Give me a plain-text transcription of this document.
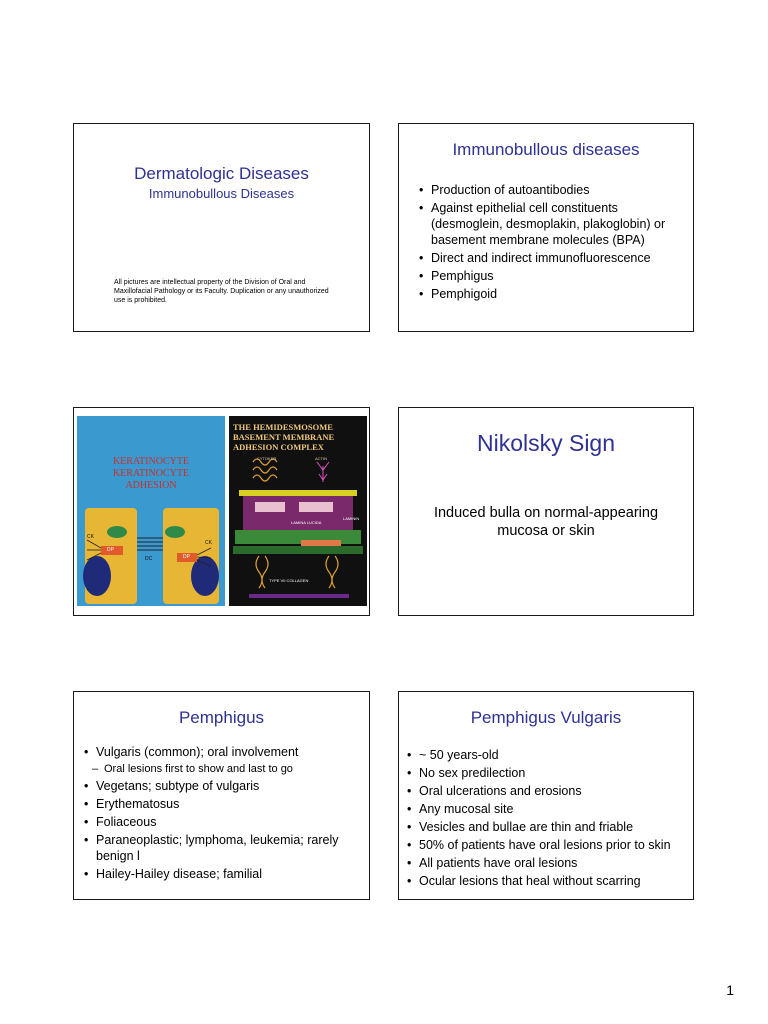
Dermatologic Diseases
Immunobullous Diseases
All pictures are intellectual property of the Division of Oral and Maxillofacial Pathology or its Faculty. Duplication or any unauthorized use is prohibited.
Immunobullous diseases
• Production of autoantibodies
• Against epithelial cell constituents (desmoglein, desmoplakin, plakoglobin) or basement membrane molecules (BPA)
• Direct and indirect immunofluorescence
• Pemphigus
• Pemphigoid
KERATINOCYTE KERATINOCYTE ADHESION
CK
DP
DC
CK
DP
THE HEMIDESMOSOME BASEMENT MEMBRANE ADHESION COMPLEX
CYTOKER	ACTIN
LAMINA LUCIDA
LAMININ
TYPE VII COLLAGEN
Nikolsky Sign
Induced bulla on normal-appearing mucosa or skin
Pemphigus
• Vulgaris (common); oral involvement
– Oral lesions first to show and last to go
• Vegetans; subtype of vulgaris
• Erythematosus
• Foliaceous
• Paraneoplastic; lymphoma, leukemia; rarely benign l
• Hailey-Hailey disease; familial
Pemphigus Vulgaris
• ~ 50 years-old
• No sex predilection
• Oral ulcerations and erosions
• Any mucosal site
• Vesicles and bullae are thin and friable
• 50% of patients have oral lesions prior to skin
• All patients have oral lesions
• Ocular lesions that heal without scarring
1
